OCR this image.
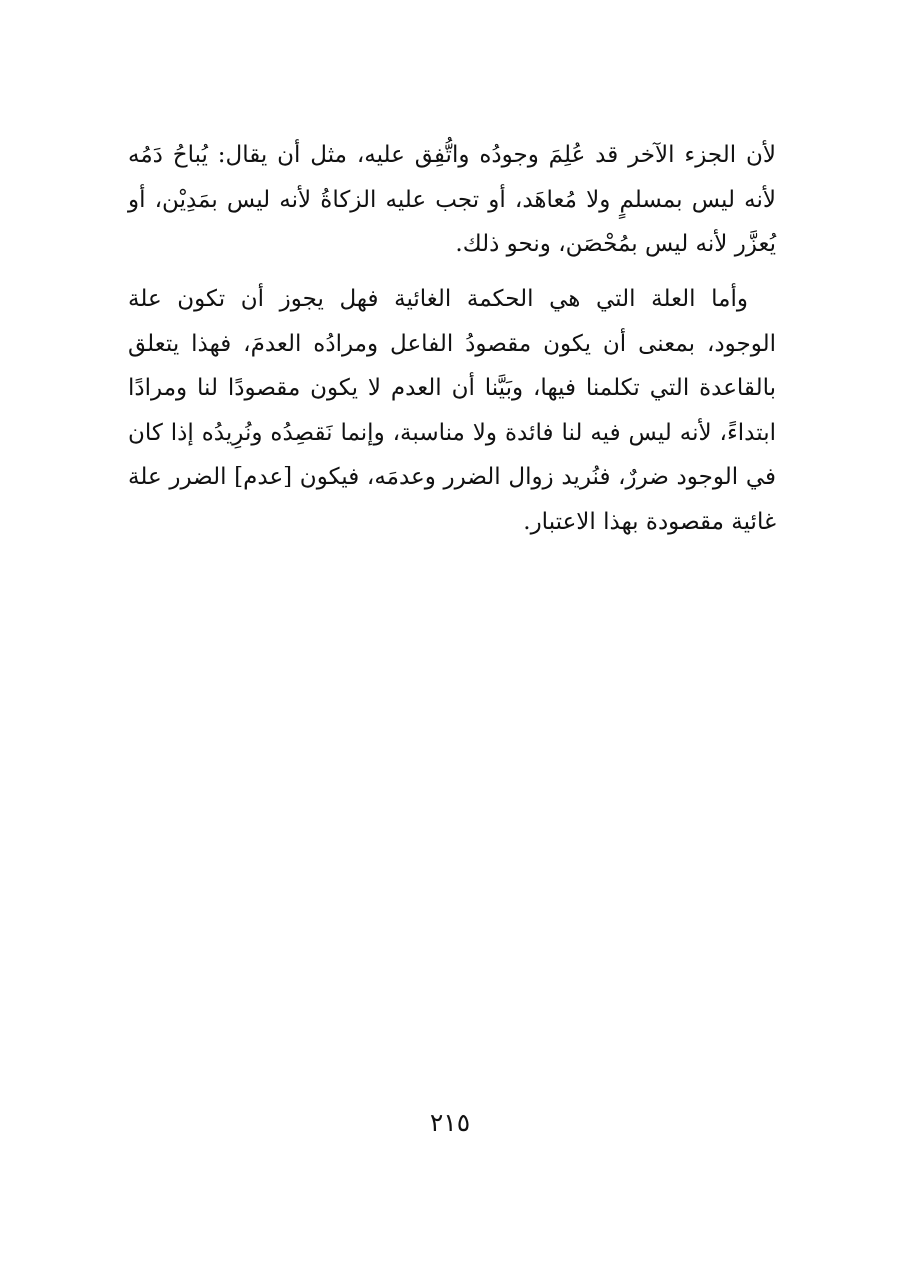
لأن الجزء الآخر قد عُلِمَ وجودُه واتُّفِق عليه، مثل أن يقال: يُباحُ دَمُه
لأنه ليس بمسلمٍ ولا مُعاهَد، أو تجب عليه الزكاةُ لأنه ليس بمَدِيْن، أو
يُعزَّر لأنه ليس بمُحْصَن، ونحو ذلك.
وأما العلة التي هي الحكمة الغائية فهل يجوز أن تكون علة
الوجود، بمعنى أن يكون مقصودُ الفاعل ومرادُه العدمَ، فهذا يتعلق
بالقاعدة التي تكلمنا فيها، وبَيَّنا أن العدم لا يكون مقصودًا لنا ومرادًا
ابتداءً، لأنه ليس فيه لنا فائدة ولا مناسبة، وإنما نَقصِدُه ونُرِيدُه إذا كان
في الوجود ضررٌ، فنُريد زوال الضرر وعدمَه، فيكون [عدم] الضرر علة
غائية مقصودة بهذا الاعتبار.
٢١٥
